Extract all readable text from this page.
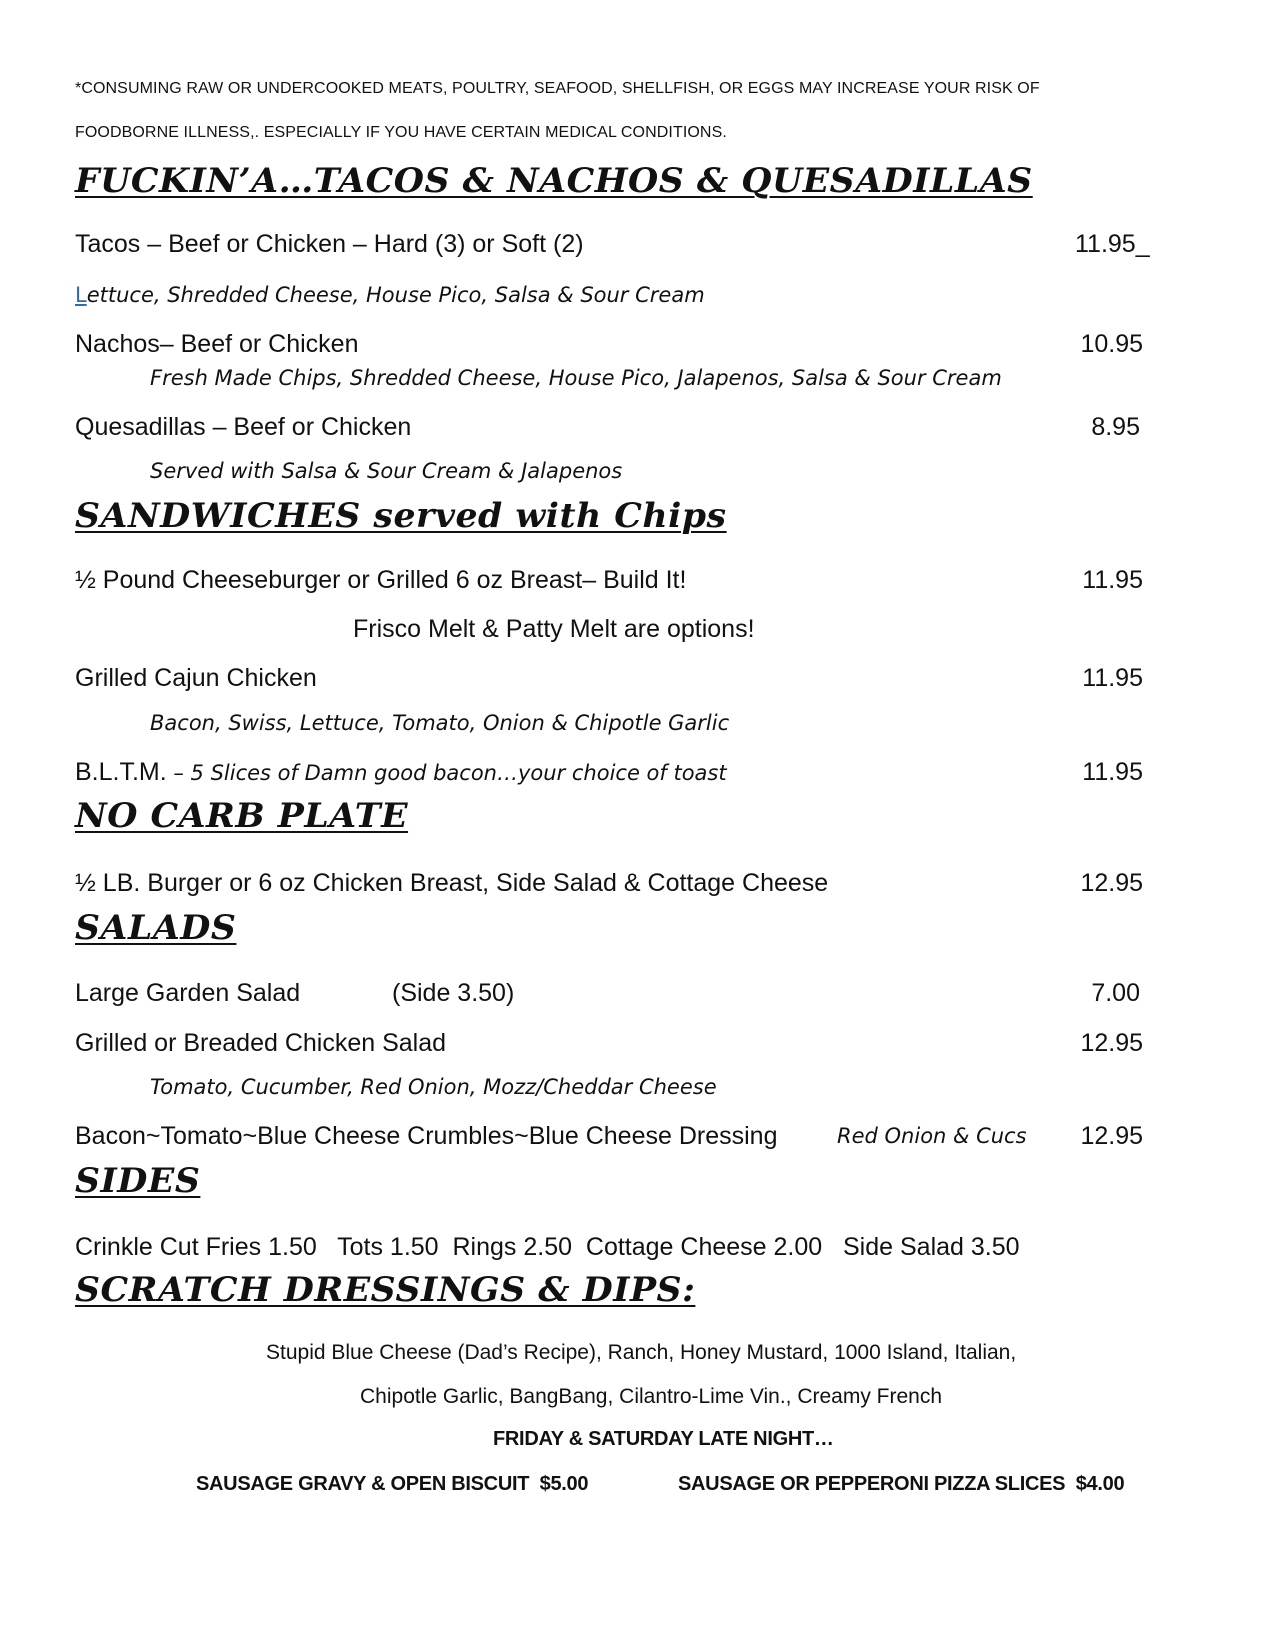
*CONSUMING RAW OR UNDERCOOKED MEATS, POULTRY, SEAFOOD, SHELLFISH, OR EGGS MAY INCREASE YOUR RISK OF
FOODBORNE ILLNESS,. ESPECIALLY IF YOU HAVE CERTAIN MEDICAL CONDITIONS.
FUCKIN’A…TACOS & NACHOS & QUESADILLAS
Tacos – Beef or Chicken – Hard (3) or Soft (2)	11.95_
Lettuce, Shredded Cheese, House Pico, Salsa & Sour Cream
Nachos– Beef or Chicken	10.95
Fresh Made Chips, Shredded Cheese, House Pico, Jalapenos, Salsa & Sour Cream
Quesadillas – Beef or Chicken	8.95
Served with Salsa & Sour Cream & Jalapenos
SANDWICHES served with Chips
½ Pound Cheeseburger or Grilled 6 oz Breast– Build It!	11.95
Frisco Melt & Patty Melt are options!
Grilled Cajun Chicken	11.95
Bacon, Swiss, Lettuce, Tomato, Onion & Chipotle Garlic
B.L.T.M. – 5 Slices of Damn good bacon…your choice of toast	11.95
NO CARB PLATE
½ LB. Burger or 6 oz Chicken Breast, Side Salad & Cottage Cheese	12.95
SALADS
Large Garden Salad	(Side 3.50)	7.00
Grilled or Breaded Chicken Salad	12.95
Tomato, Cucumber, Red Onion, Mozz/Cheddar Cheese
Bacon~Tomato~Blue Cheese Crumbles~Blue Cheese Dressing	Red Onion & Cucs	12.95
SIDES
Crinkle Cut Fries 1.50   Tots 1.50  Rings 2.50  Cottage Cheese 2.00   Side Salad 3.50
SCRATCH DRESSINGS & DIPS:
Stupid Blue Cheese (Dad’s Recipe), Ranch, Honey Mustard, 1000 Island, Italian,
Chipotle Garlic, BangBang, Cilantro-Lime Vin., Creamy French
FRIDAY & SATURDAY LATE NIGHT…
SAUSAGE GRAVY & OPEN BISCUIT  $5.00	SAUSAGE OR PEPPERONI PIZZA SLICES  $4.00
